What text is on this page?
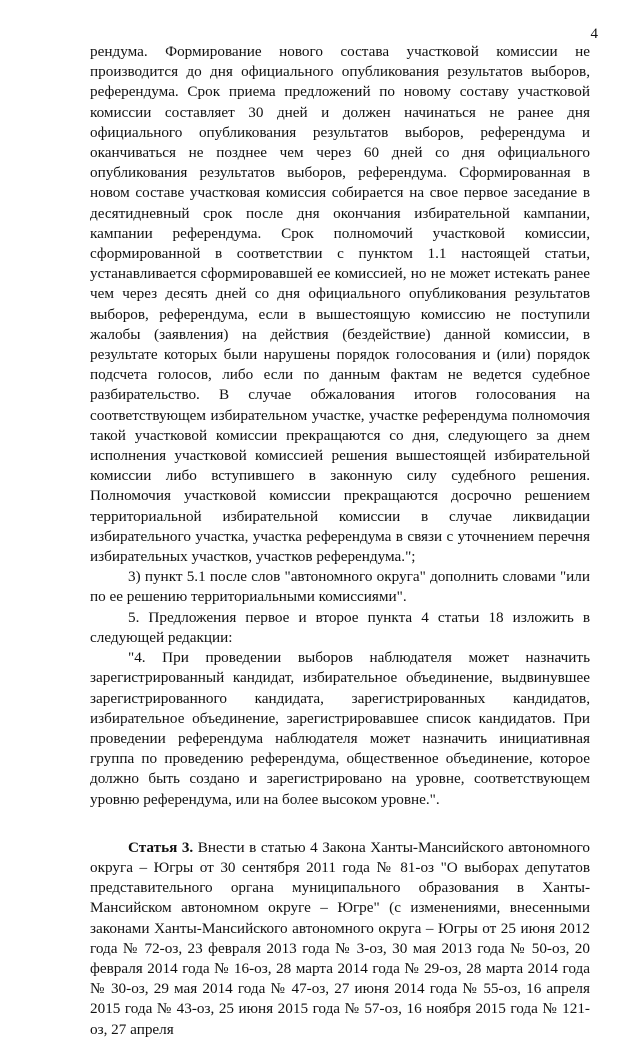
4

рендума. Формирование нового состава участковой комиссии не производится до дня официального опубликования результатов выборов, референдума. Срок приема предложений по новому составу участковой комиссии составляет 30 дней и должен начинаться не ранее дня официального опубликования результатов выборов, референдума и оканчиваться не позднее чем через 60 дней со дня официального опубликования результатов выборов, референдума. Сформированная в новом составе участковая комиссия собирается на свое первое заседание в десятидневный срок после дня окончания избирательной кампании, кампании референдума. Срок полномочий участковой комиссии, сформированной в соответствии с пунктом 1.1 настоящей статьи, устанавливается сформировавшей ее комиссией, но не может истекать ранее чем через десять дней со дня официального опубликования результатов выборов, референдума, если в вышестоящую комиссию не поступили жалобы (заявления) на действия (бездействие) данной комиссии, в результате которых были нарушены порядок голосования и (или) порядок подсчета голосов, либо если по данным фактам не ведется судебное разбирательство. В случае обжалования итогов голосования на соответствующем избирательном участке, участке референдума полномочия такой участковой комиссии прекращаются со дня, следующего за днем исполнения участковой комиссией решения вышестоящей избирательной комиссии либо вступившего в законную силу судебного решения. Полномочия участковой комиссии прекращаются досрочно решением территориальной избирательной комиссии в случае ликвидации избирательного участка, участка референдума в связи с уточнением перечня избирательных участков, участков референдума.";

3) пункт 5.1 после слов "автономного округа" дополнить словами "или по ее решению территориальными комиссиями".

5. Предложения первое и второе пункта 4 статьи 18 изложить в следующей редакции:

"4. При проведении выборов наблюдателя может назначить зарегистрированный кандидат, избирательное объединение, выдвинувшее зарегистрированного кандидата, зарегистрированных кандидатов, избирательное объединение, зарегистрировавшее список кандидатов. При проведении референдума наблюдателя может назначить инициативная группа по проведению референдума, общественное объединение, которое должно быть создано и зарегистрировано на уровне, соответствующем уровню референдума, или на более высоком уровне.".

Статья 3. Внести в статью 4 Закона Ханты-Мансийского автономного округа – Югры от 30 сентября 2011 года № 81-оз "О выборах депутатов представительного органа муниципального образования в Ханты-Мансийском автономном округе – Югре" (с изменениями, внесенными законами Ханты-Мансийского автономного округа – Югры от 25 июня 2012 года № 72-оз, 23 февраля 2013 года № 3-оз, 30 мая 2013 года № 50-оз, 20 февраля 2014 года № 16-оз, 28 марта 2014 года № 29-оз, 28 марта 2014 года № 30-оз, 29 мая 2014 года № 47-оз, 27 июня 2014 года № 55-оз, 16 апреля 2015 года № 43-оз, 25 июня 2015 года № 57-оз, 16 ноября 2015 года № 121-оз, 27 апреля
